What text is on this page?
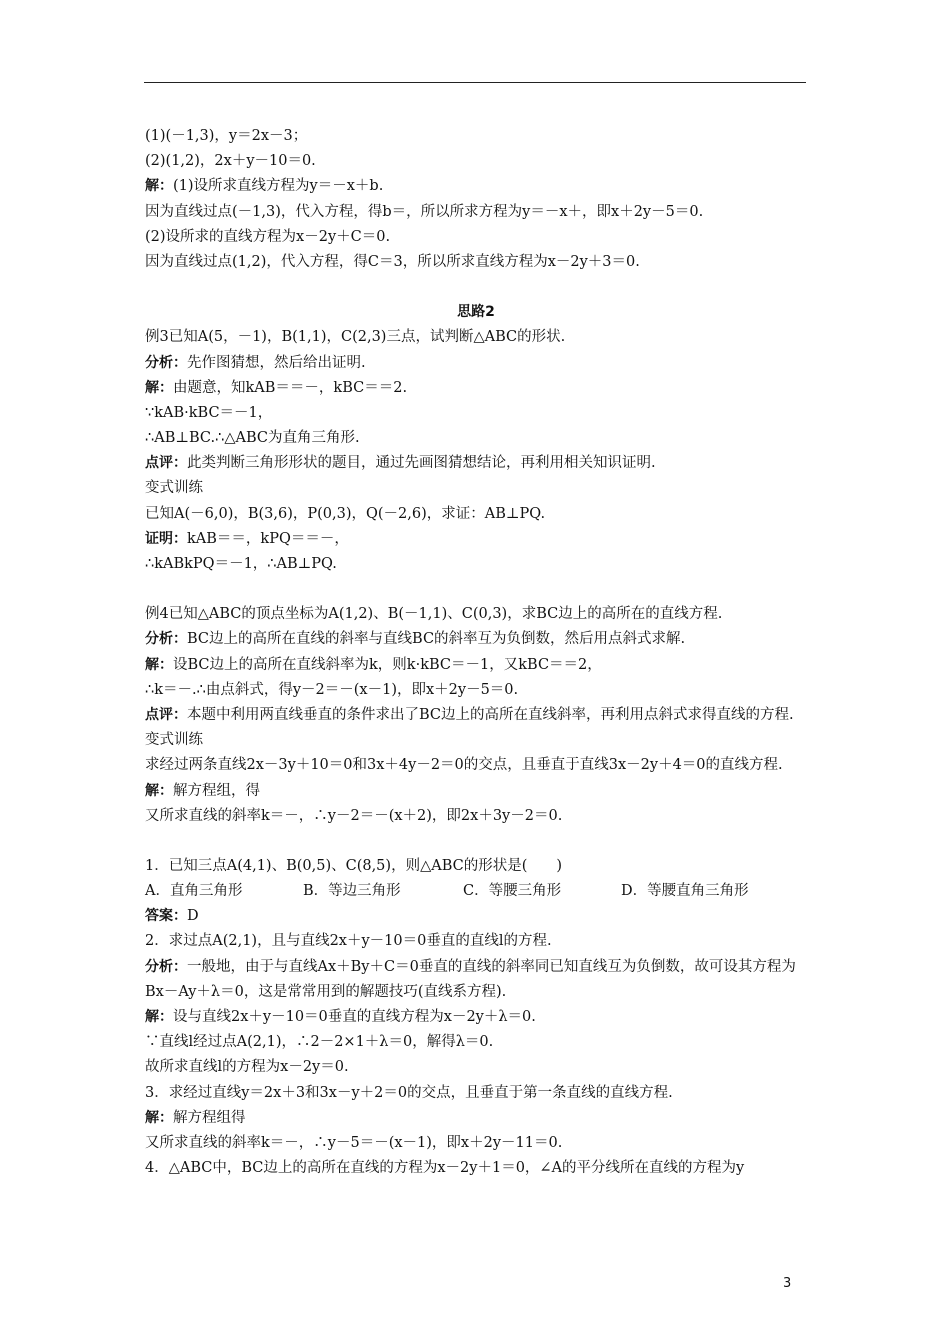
(1)(－1,3)，y＝2x－3；
(2)(1,2)，2x＋y－10＝0.
解：(1)设所求直线方程为y＝－x＋b.
因为直线过点(－1,3)，代入方程，得b＝，所以所求方程为y＝－x＋，即x＋2y－5＝0.
(2)设所求的直线方程为x－2y＋C＝0.
因为直线过点(1,2)，代入方程，得C＝3，所以所求直线方程为x－2y＋3＝0.
思路2
例3已知A(5，－1)，B(1,1)，C(2,3)三点，试判断△ABC的形状.
分析：先作图猜想，然后给出证明.
解：由题意，知kAB＝＝－，kBC＝＝2.
∵kAB·kBC＝－1，
∴AB⊥BC.∴△ABC为直角三角形.
点评：此类判断三角形形状的题目，通过先画图猜想结论，再利用相关知识证明.
变式训练
已知A(－6,0)，B(3,6)，P(0,3)，Q(－2,6)，求证：AB⊥PQ.
证明：kAB＝＝，kPQ＝＝－，
∴kABkPQ＝－1，∴AB⊥PQ.
例4已知△ABC的顶点坐标为A(1,2)、B(－1,1)、C(0,3)，求BC边上的高所在的直线方程.
分析：BC边上的高所在直线的斜率与直线BC的斜率互为负倒数，然后用点斜式求解.
解：设BC边上的高所在直线斜率为k，则k·kBC＝－1，又kBC＝＝2，
∴k＝－.∴由点斜式，得y－2＝－(x－1)，即x＋2y－5＝0.
点评：本题中利用两直线垂直的条件求出了BC边上的高所在直线斜率，再利用点斜式求得直线的方程.
变式训练
求经过两条直线2x－3y＋10＝0和3x＋4y－2＝0的交点，且垂直于直线3x－2y＋4＝0的直线方程.
解：解方程组，得
又所求直线的斜率k＝－，∴y－2＝－(x＋2)，即2x＋3y－2＝0.
1．已知三点A(4,1)、B(0,5)、C(8,5)，则△ABC的形状是(　　)
A．直角三角形	B．等边三角形	C．等腰三角形	D．等腰直角三角形
答案：D
2．求过点A(2,1)，且与直线2x＋y－10＝0垂直的直线l的方程.
分析：一般地，由于与直线Ax＋By＋C＝0垂直的直线的斜率同已知直线互为负倒数，故可设其方程为Bx－Ay＋λ＝0，这是常常用到的解题技巧(直线系方程).
解：设与直线2x＋y－10＝0垂直的直线方程为x－2y＋λ＝0.
∵直线l经过点A(2,1)，∴2－2×1＋λ＝0，解得λ＝0.
故所求直线l的方程为x－2y＝0.
3．求经过直线y＝2x＋3和3x－y＋2＝0的交点，且垂直于第一条直线的直线方程.
解：解方程组得
又所求直线的斜率k＝－，∴y－5＝－(x－1)，即x＋2y－11＝0.
4．△ABC中，BC边上的高所在直线的方程为x－2y＋1＝0，∠A的平分线所在直线的方程为y
3
